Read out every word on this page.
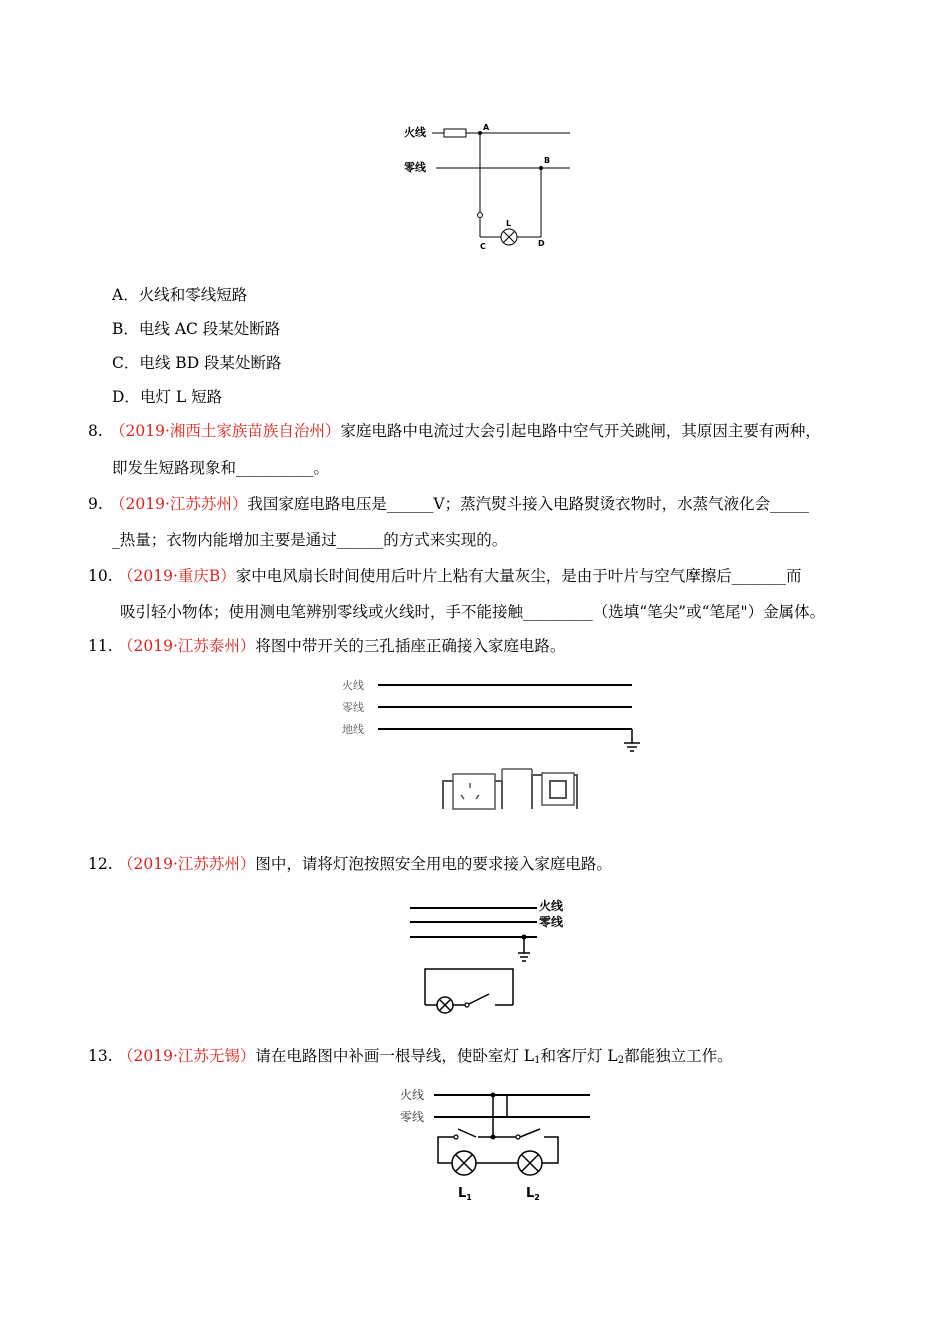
火线
零线
A
B
L
C	D
A．火线和零线短路
B．电线 AC 段某处断路
C．电线 BD 段某处断路
D．电灯 L 短路
8. （2019·湘西土家族苗族自治州）家庭电路中电流过大会引起电路中空气开关跳闸，其原因主要有两种，
即发生短路现象和__________。
9. （2019·江苏苏州）我国家庭电路电压是______V；蒸汽熨斗接入电路熨烫衣物时，水蒸气液化会_____
_热量；衣物内能增加主要是通过______的方式来实现的。
10. （2019·重庆B）家中电风扇长时间使用后叶片上粘有大量灰尘，是由于叶片与空气摩擦后_______而
吸引轻小物体；使用测电笔辨别零线或火线时，手不能接触_________（选填“笔尖”或“笔尾"）金属体。
11. （2019·江苏泰州）将图中带开关的三孔插座正确接入家庭电路。
火线
零线
地线
12. （2019·江苏苏州）图中，请将灯泡按照安全用电的要求接入家庭电路。
火线
零线
13. （2019·江苏无锡）请在电路图中补画一根导线，使卧室灯 $L_1$和客厅灯 $L_2$都能独立工作。
火线
零线
$L_1$	$L_2$
